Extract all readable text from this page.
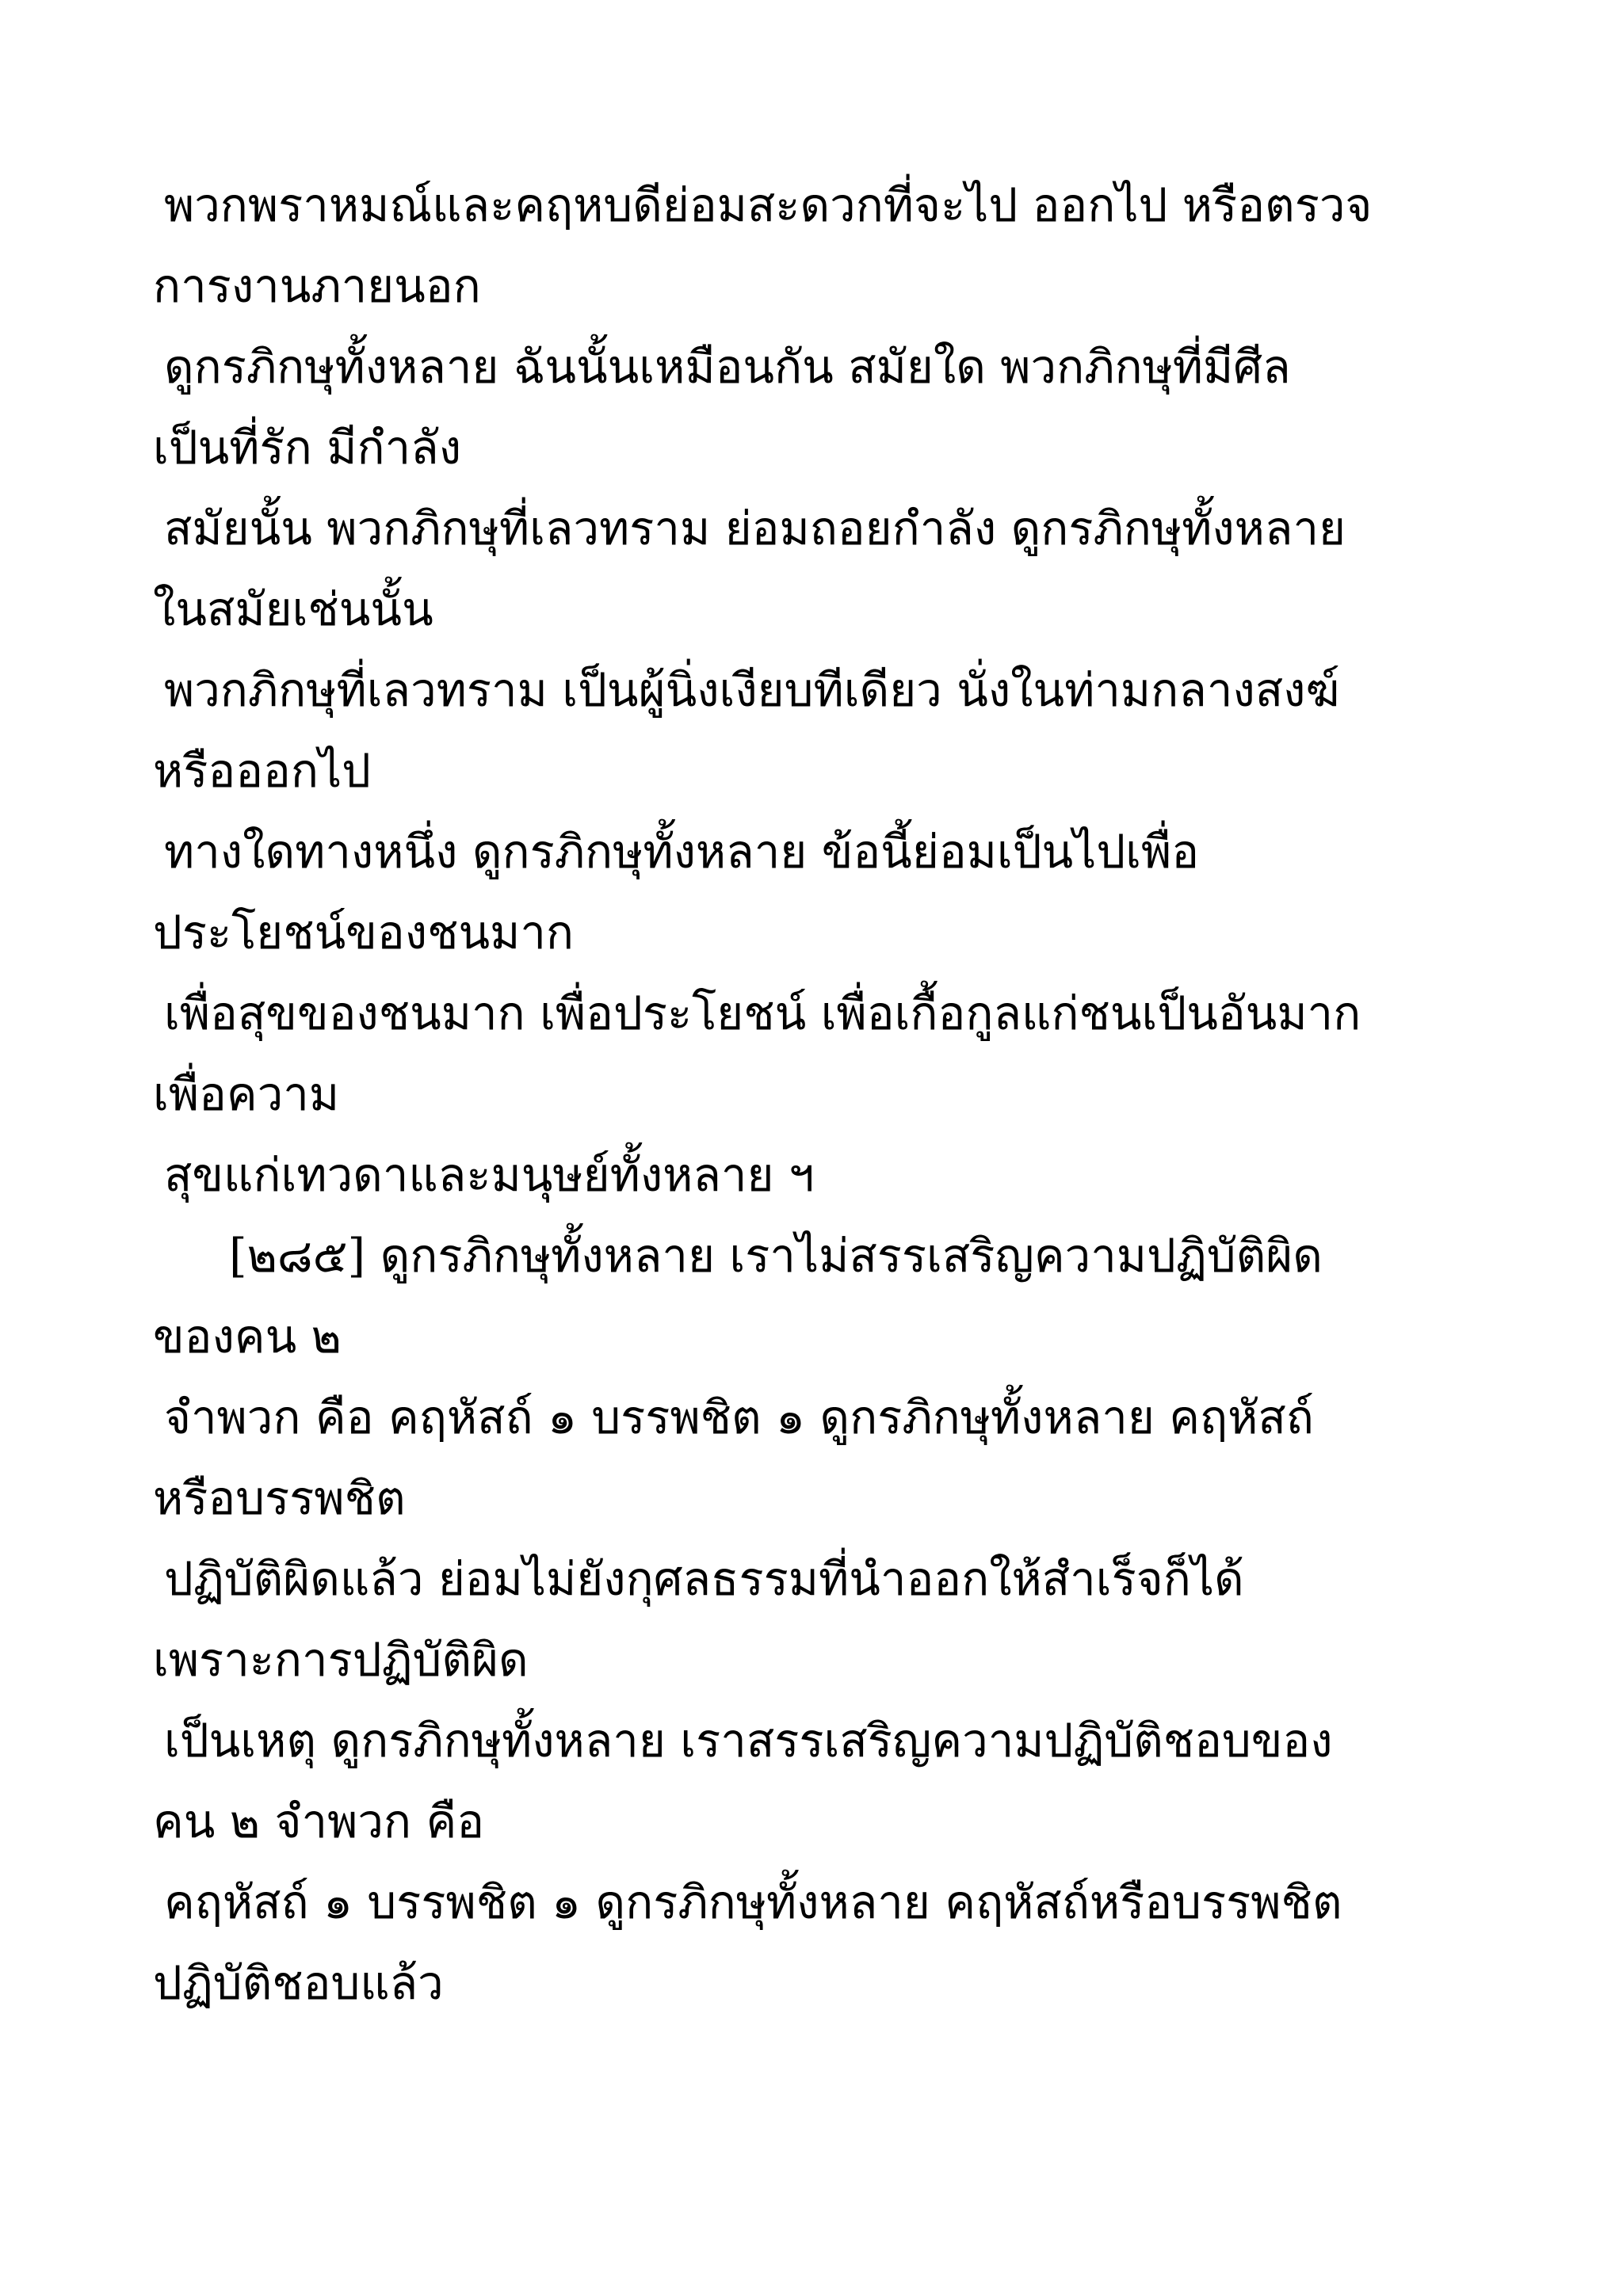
พวกพราหมณ์และคฤหบดีย่อมสะดวกที่จะไป ออกไป หรือตรวจ

การงานภายนอก

ดูกรภิกษุทั้งหลาย ฉันนั้นเหมือนกัน สมัยใด พวกภิกษุที่มีศีล

เป็นที่รัก มีกำลัง

สมัยนั้น พวกภิกษุที่เลวทราม ย่อมถอยกำลัง ดูกรภิกษุทั้งหลาย

ในสมัยเช่นนั้น

พวกภิกษุที่เลวทราม เป็นผู้นิ่งเงียบทีเดียว นั่งในท่ามกลางสงฆ์

หรือออกไป

ทางใดทางหนึ่ง ดูกรภิกษุทั้งหลาย ข้อนี้ย่อมเป็นไปเพื่อ

ประโยชน์ของชนมาก

เพื่อสุขของชนมาก เพื่อประโยชน์ เพื่อเกื้อกูลแก่ชนเป็นอันมาก

เพื่อความ

สุขแก่เทวดาและมนุษย์ทั้งหลาย ฯ

[๒๘๕] ดูกรภิกษุทั้งหลาย เราไม่สรรเสริญความปฏิบัติผิด

ของคน ๒

จำพวก คือ คฤหัสถ์ ๑ บรรพชิต ๑ ดูกรภิกษุทั้งหลาย คฤหัสถ์

หรือบรรพชิต

ปฏิบัติผิดแล้ว ย่อมไม่ยังกุศลธรรมที่นำออกให้สำเร็จก็ได้

เพราะการปฏิบัติผิด

เป็นเหตุ ดูกรภิกษุทั้งหลาย เราสรรเสริญความปฏิบัติชอบของ

คน ๒ จำพวก คือ

คฤหัสถ์ ๑ บรรพชิต ๑ ดูกรภิกษุทั้งหลาย คฤหัสถ์หรือบรรพชิต

ปฏิบัติชอบแล้ว
